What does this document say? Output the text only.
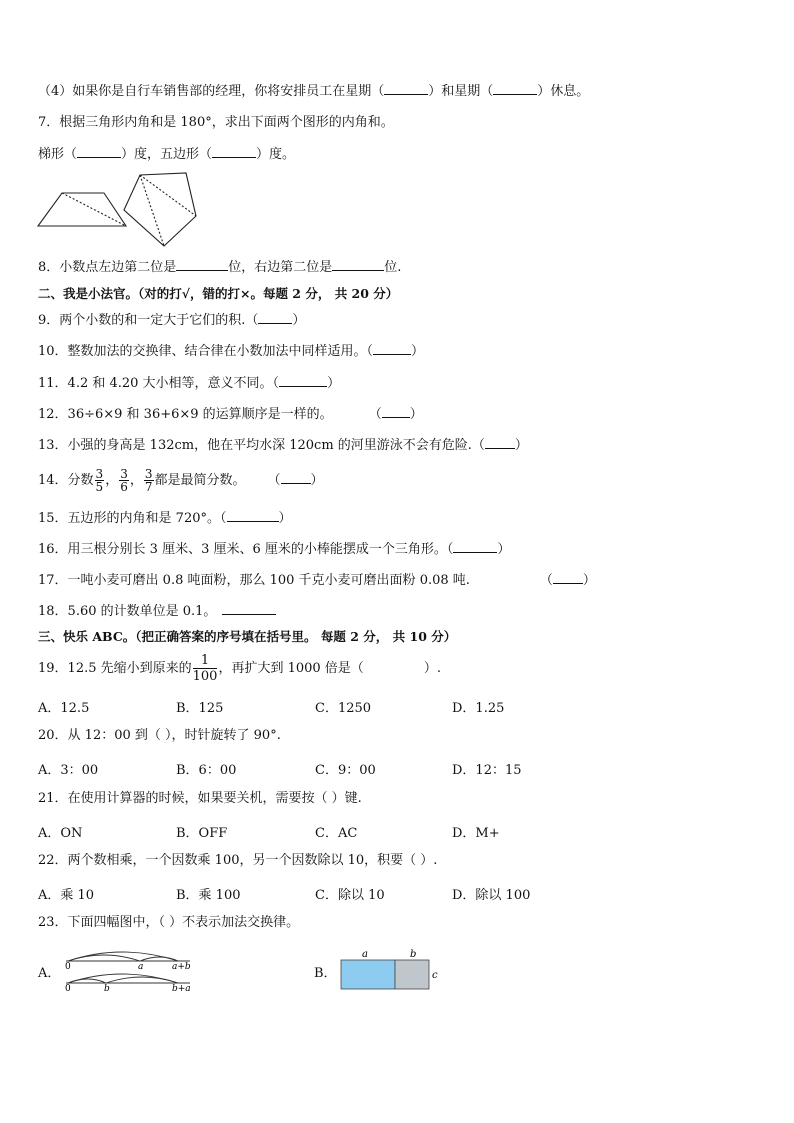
（4）如果你是自行车销售部的经理，你将安排员工在星期（	）和星期（	）休息。
7．根据三角形内角和是 180°，求出下面两个图形的内角和。
梯形（	）度，五边形（	）度。
8．小数点左边第二位是	位，右边第二位是	位.
二、我是小法官。（对的打√，错的打×。每题 2 分， 共 20 分）
9．两个小数的和一定大于它们的积.（	）
10．整数加法的交换律、结合律在小数加法中同样适用。（	）
11．4.2 和 4.20 大小相等，意义不同。（	）
12．36÷6×9 和 36+6×9 的运算顺序是一样的。	（ ）
13．小强的身高是 132cm，他在平均水深 120cm 的河里游泳不会有危险.（ ）
14．分数 $\frac{3}{5}$ ， $\frac{3}{6}$ ， $\frac{3}{7}$ 都是最简分数。 （ ）
15．五边形的内角和是 720°。（	）
16．用三根分别长 3 厘米、3 厘米、6 厘米的小棒能摆成一个三角形。（	）
17．一吨小麦可磨出 0.8 吨面粉，那么 100 千克小麦可磨出面粉 0.08 吨.	（ ）
18．5.60 的计数单位是 0.1。
三、快乐 ABC。（把正确答案的序号填在括号里。 每题 2 分， 共 10 分）
19．12.5 先缩小到原来的 $\frac{1}{100}$ ，再扩大到 1000 倍是（	）.
A．12.5	B．125	C．1250	D．1.25
20．从 12：00 到（ ），时针旋转了 90°.
A．3：00	B．6：00	C．9：00	D．12：15
21．在使用计算器的时候，如果要关机，需要按（ ）键.
A．ON	B．OFF	C．AC	D．M+
22．两个数相乘，一个因数乘 100，另一个因数除以 10，积要（ ）.
A．乘 10	B．乘 100	C．除以 10	D．除以 100
23．下面四幅图中，（ ）不表示加法交换律。
A． 0	a	a+b
0	b	b+a
B．
a	b
c
